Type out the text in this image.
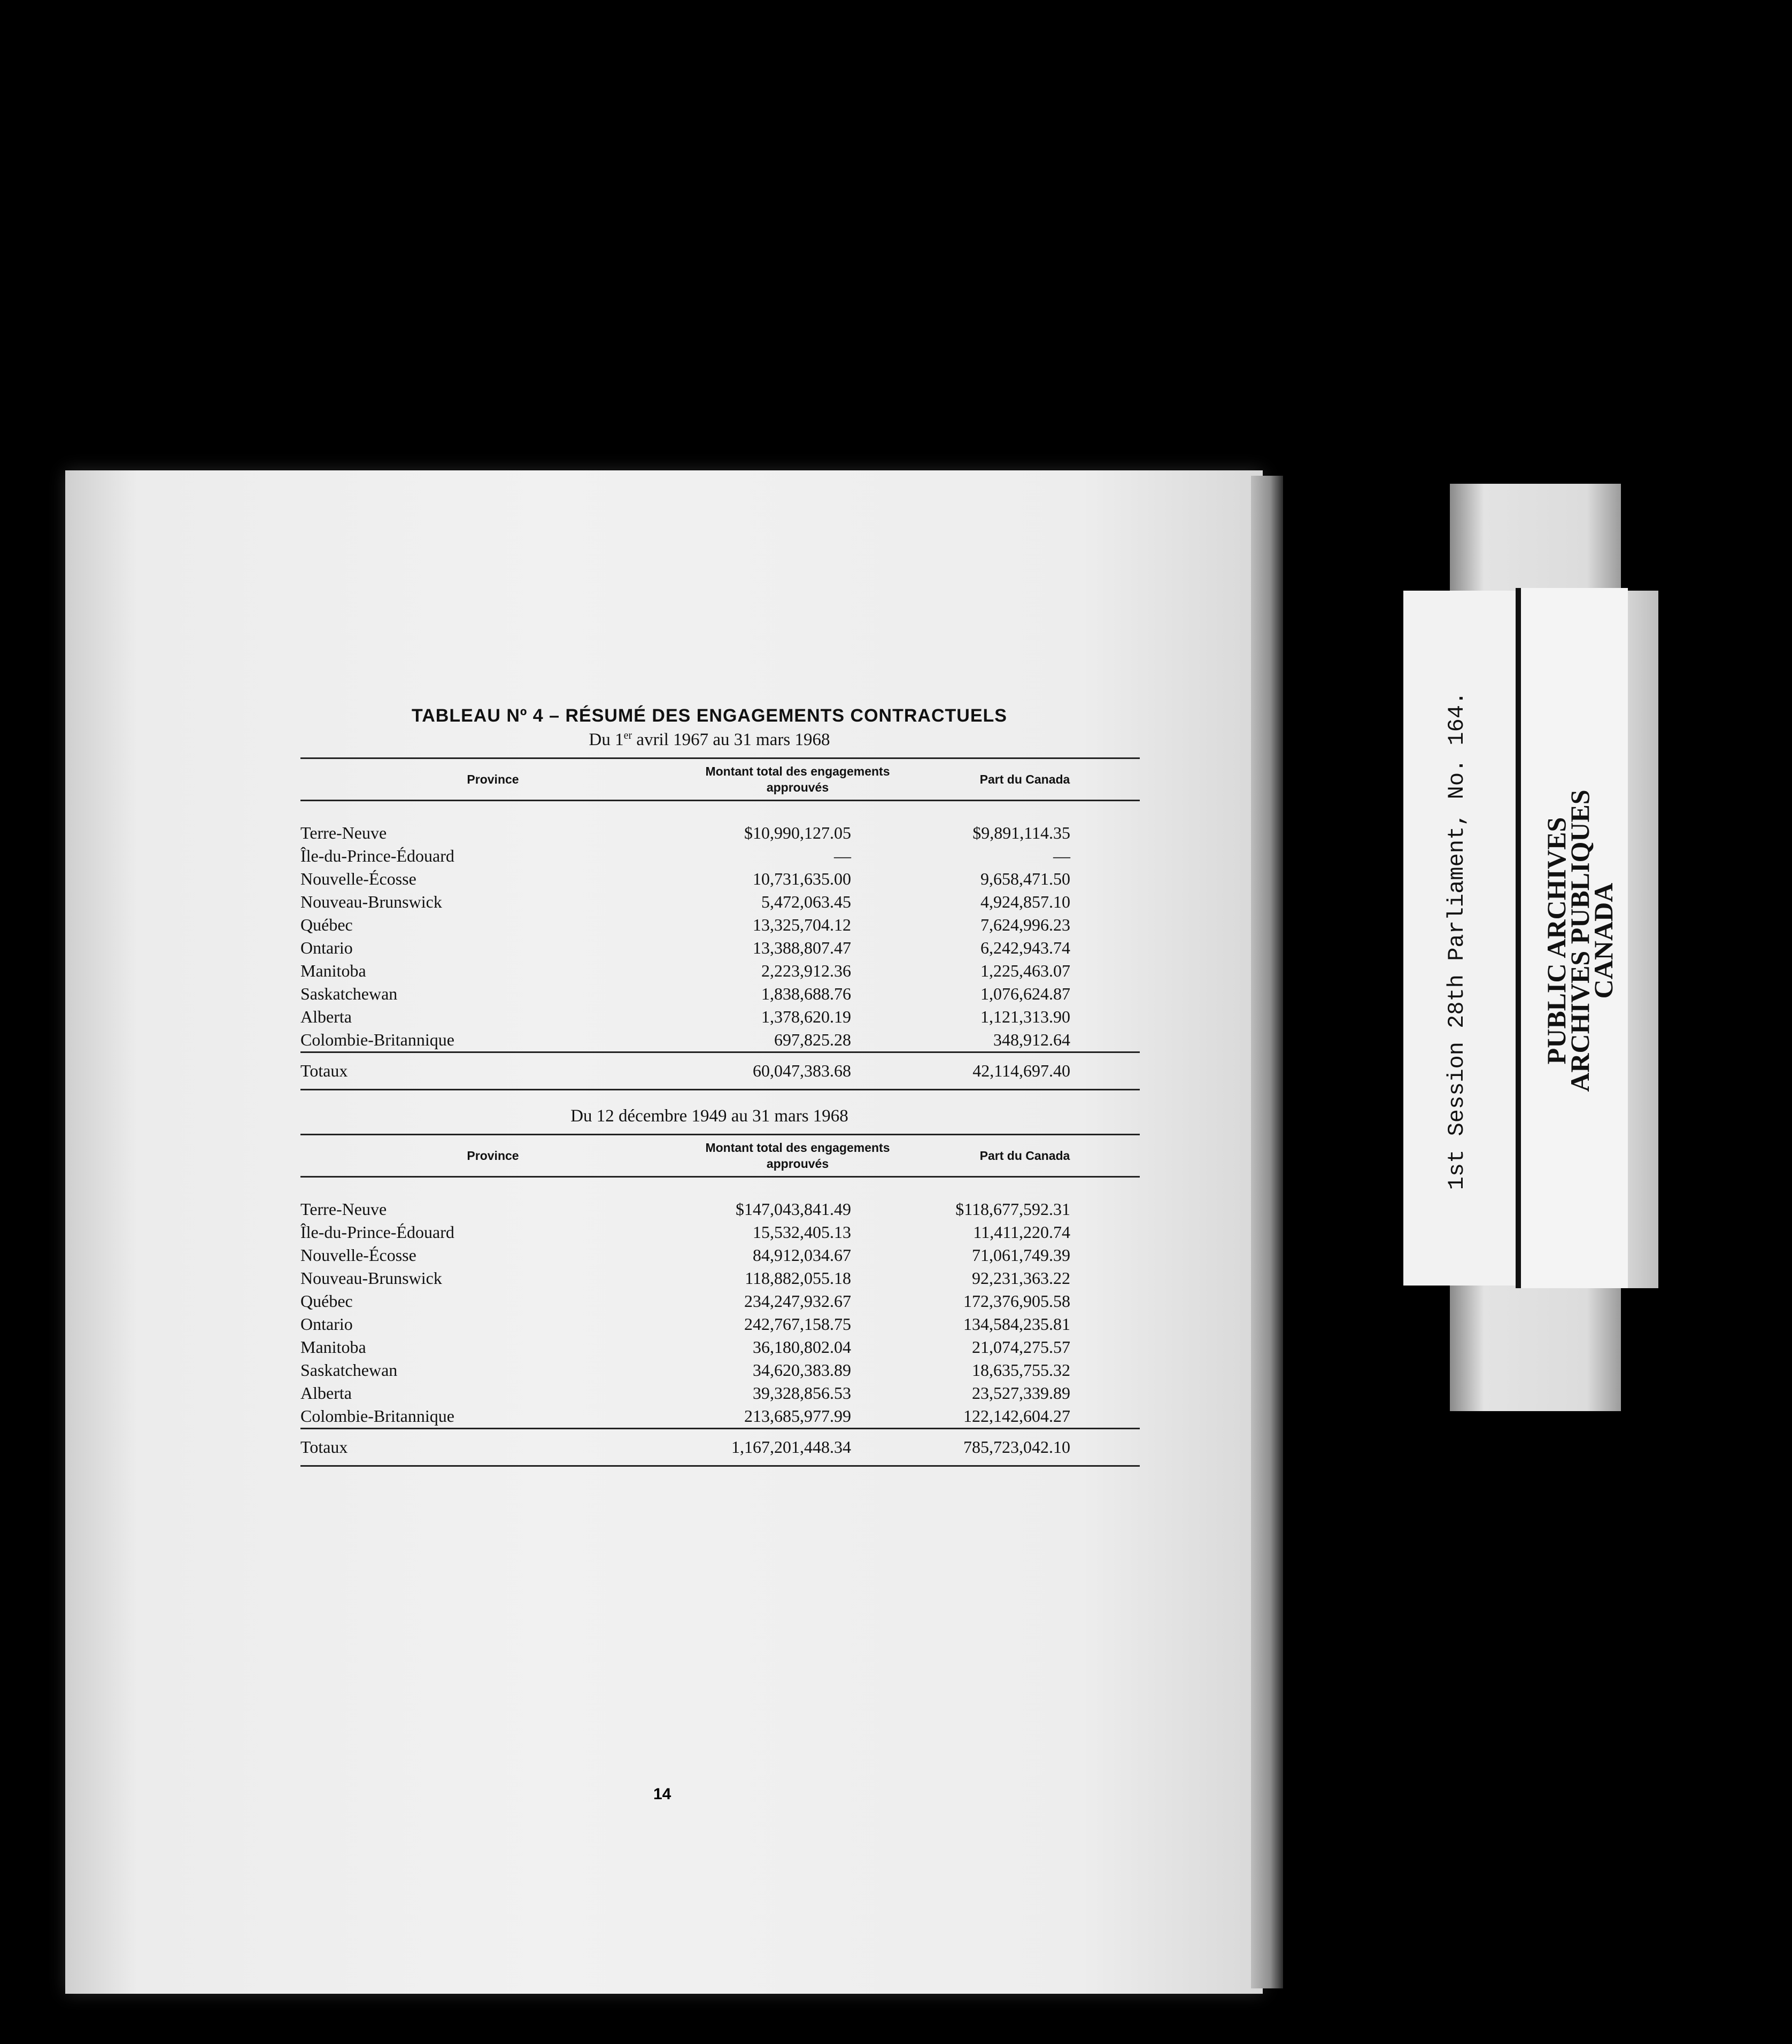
TABLEAU Nº 4 – RÉSUMÉ DES ENGAGEMENTS CONTRACTUELS
Du 1er avril 1967 au 31 mars 1968
Province	Montant total des engagements approuvés		Part du Canada	
Terre-Neuve	$10,990,127.05		$9,891,114.35	
Île-du-Prince-Édouard	—		—	
Nouvelle-Écosse	10,731,635.00		9,658,471.50	
Nouveau-Brunswick	5,472,063.45		4,924,857.10	
Québec	13,325,704.12		7,624,996.23	
Ontario	13,388,807.47		6,242,943.74	
Manitoba	2,223,912.36		1,225,463.07	
Saskatchewan	1,838,688.76		1,076,624.87	
Alberta	1,378,620.19		1,121,313.90	
Colombie-Britannique	697,825.28		348,912.64	
Totaux	60,047,383.68		42,114,697.40	
Du 12 décembre 1949 au 31 mars 1968
Province	Montant total des engagements approuvés		Part du Canada	
Terre-Neuve	$147,043,841.49		$118,677,592.31	
Île-du-Prince-Édouard	15,532,405.13		11,411,220.74	
Nouvelle-Écosse	84,912,034.67		71,061,749.39	
Nouveau-Brunswick	118,882,055.18		92,231,363.22	
Québec	234,247,932.67		172,376,905.58	
Ontario	242,767,158.75		134,584,235.81	
Manitoba	36,180,802.04		21,074,275.57	
Saskatchewan	34,620,383.89		18,635,755.32	
Alberta	39,328,856.53		23,527,339.89	
Colombie-Britannique	213,685,977.99		122,142,604.27	
Totaux	1,167,201,448.34		785,723,042.10	
14
1st Session 28th Parliament, No. 164.	PUBLIC ARCHIVES
ARCHIVES PUBLIQUES
CANADA
